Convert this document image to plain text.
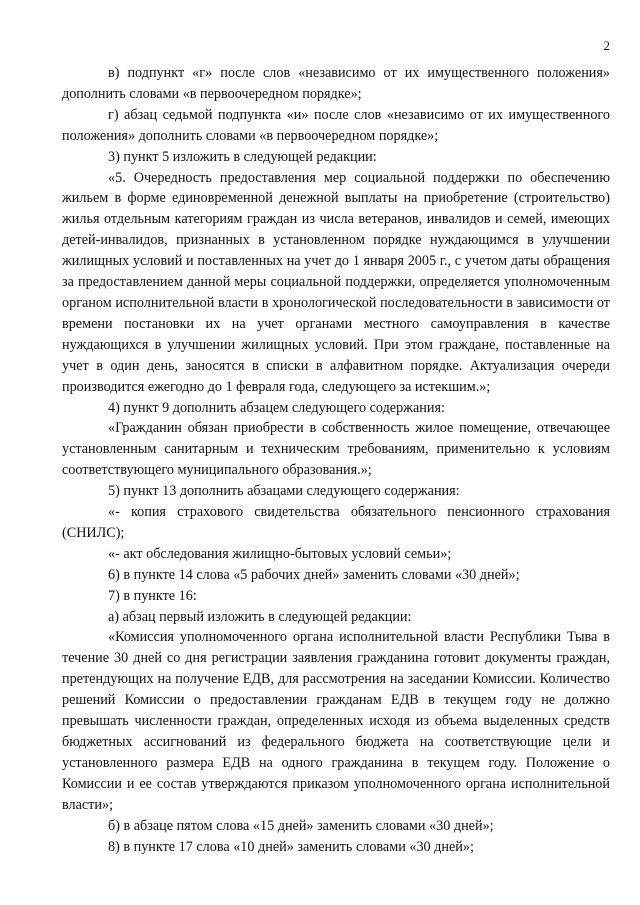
2

в) подпункт «г» после слов «независимо от их имущественного положения» дополнить словами «в первоочередном порядке»;

г) абзац седьмой подпункта «и» после слов «независимо от их имущественного положения» дополнить словами «в первоочередном порядке»;

3) пункт 5 изложить в следующей редакции:

«5. Очередность предоставления мер социальной поддержки по обеспечению жильем в форме единовременной денежной выплаты на приобретение (строительство) жилья отдельным категориям граждан из числа ветеранов, инвалидов и семей, имеющих детей-инвалидов, признанных в установленном порядке нуждающимся в улучшении жилищных условий и поставленных на учет до 1 января 2005 г., с учетом даты обращения за предоставлением данной меры социальной поддержки, определяется уполномоченным органом исполнительной власти в хронологической последовательности в зависимости от времени постановки их на учет органами местного самоуправления в качестве нуждающихся в улучшении жилищных условий. При этом граждане, поставленные на учет в один день, заносятся в списки в алфавитном порядке. Актуализация очереди производится ежегодно до 1 февраля года, следующего за истекшим.»;

4) пункт 9 дополнить абзацем следующего содержания:

«Гражданин обязан приобрести в собственность жилое помещение, отвечающее установленным санитарным и техническим требованиям, применительно к условиям соответствующего муниципального образования.»;

5) пункт 13 дополнить абзацами следующего содержания:

«- копия страхового свидетельства обязательного пенсионного страхования (СНИЛС);

«- акт обследования жилищно-бытовых условий семьи»;

6) в пункте 14 слова «5 рабочих дней» заменить словами «30 дней»;

7) в пункте 16:

а) абзац первый изложить в следующей редакции:

«Комиссия уполномоченного органа исполнительной власти Республики Тыва в течение 30 дней со дня регистрации заявления гражданина готовит документы граждан, претендующих на получение ЕДВ, для рассмотрения на заседании Комиссии. Количество решений Комиссии о предоставлении гражданам ЕДВ в текущем году не должно превышать численности граждан, определенных исходя из объема выделенных средств бюджетных ассигнований из федерального бюджета на соответствующие цели и установленного размера ЕДВ на одного гражданина в текущем году. Положение о Комиссии и ее состав утверждаются приказом уполномоченного органа исполнительной власти»;

б) в абзаце пятом слова «15 дней» заменить словами «30 дней»;

8) в пункте 17 слова «10 дней» заменить словами «30 дней»;
